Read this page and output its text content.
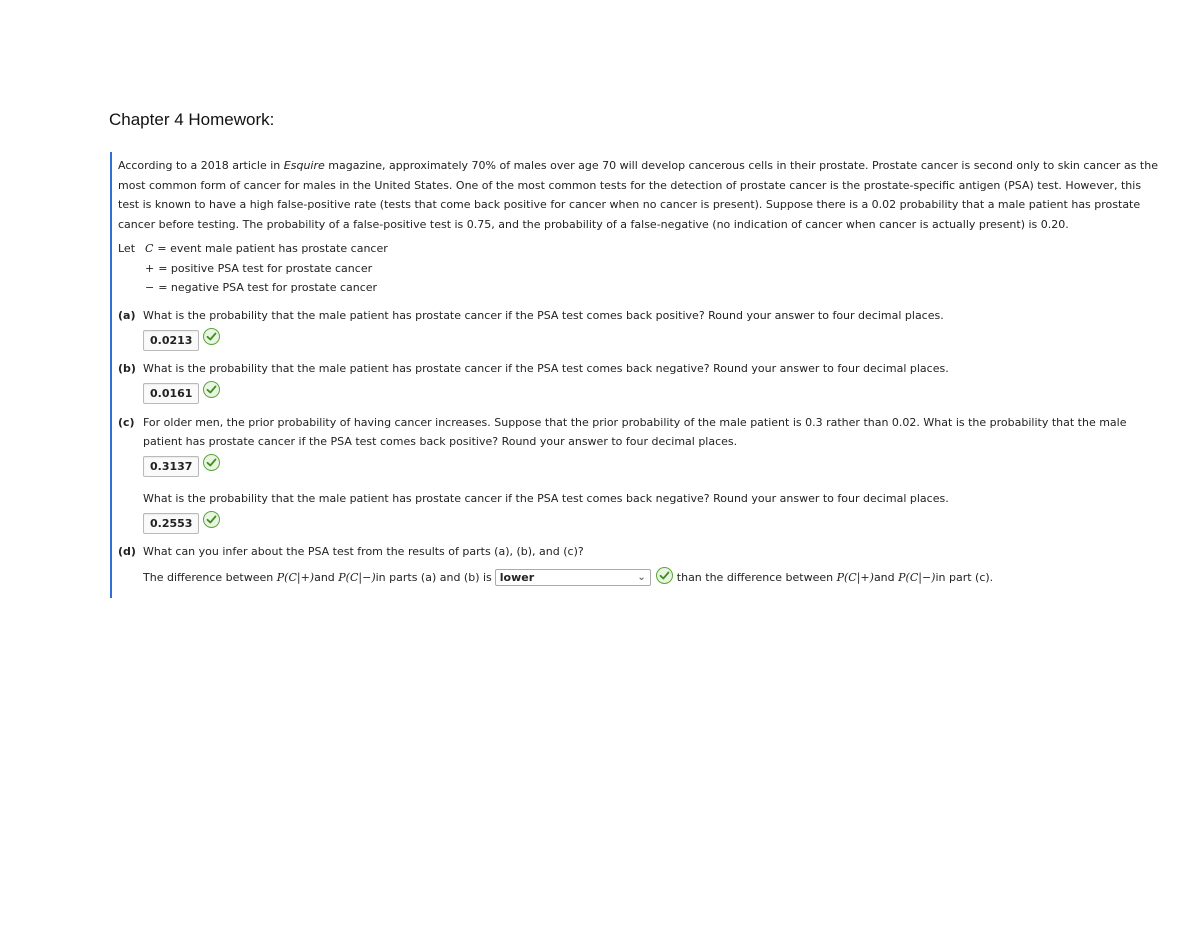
Chapter 4 Homework:
According to a 2018 article in Esquire magazine, approximately 70% of males over age 70 will develop cancerous cells in their prostate. Prostate cancer is second only to skin cancer as the most common form of cancer for males in the United States. One of the most common tests for the detection of prostate cancer is the prostate-specific antigen (PSA) test. However, this test is known to have a high false-positive rate (tests that come back positive for cancer when no cancer is present). Suppose there is a 0.02 probability that a male patient has prostate cancer before testing. The probability of a false-positive test is 0.75, and the probability of a false-negative (no indication of cancer when cancer is actually present) is 0.20.
Let C = event male patient has prostate cancer
+ = positive PSA test for prostate cancer
− = negative PSA test for prostate cancer
(a) What is the probability that the male patient has prostate cancer if the PSA test comes back positive? Round your answer to four decimal places.
0.0213
(b) What is the probability that the male patient has prostate cancer if the PSA test comes back negative? Round your answer to four decimal places.
0.0161
(c) For older men, the prior probability of having cancer increases. Suppose that the prior probability of the male patient is 0.3 rather than 0.02. What is the probability that the male patient has prostate cancer if the PSA test comes back positive? Round your answer to four decimal places.
0.3137
What is the probability that the male patient has prostate cancer if the PSA test comes back negative? Round your answer to four decimal places.
0.2553
(d) What can you infer about the PSA test from the results of parts (a), (b), and (c)?
The difference between
P(C|+) and
P(C|−) in parts (a) and (b) is lower	⌄	than the difference between
P(C|+) and
P(C|−) in part (c).
